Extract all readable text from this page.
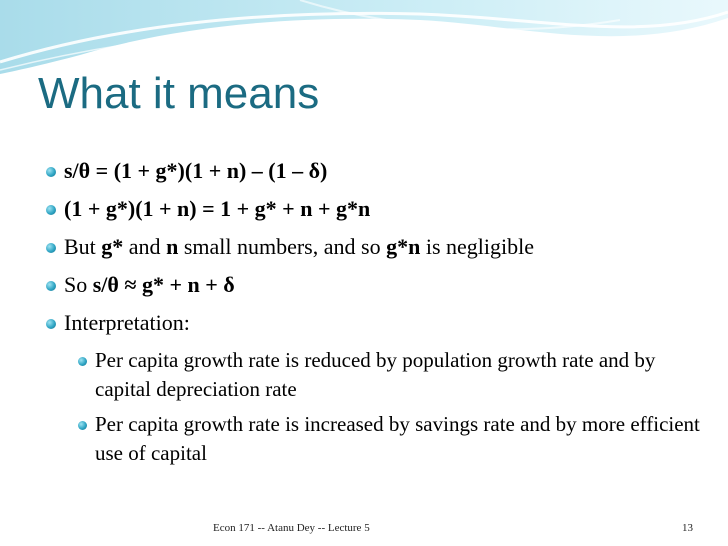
What it means
s/θ = (1 + g*)(1 + n) – (1 – δ)
(1 + g*)(1 + n) = 1 + g* + n + g*n
But g* and n small numbers, and so g*n is negligible
So s/θ ≈ g* + n + δ
Interpretation:
Per capita growth rate is reduced by population growth rate and by capital depreciation rate
Per capita growth rate is increased by savings rate and by more efficient use of capital
Econ 171 -- Atanu Dey -- Lecture 5	13
